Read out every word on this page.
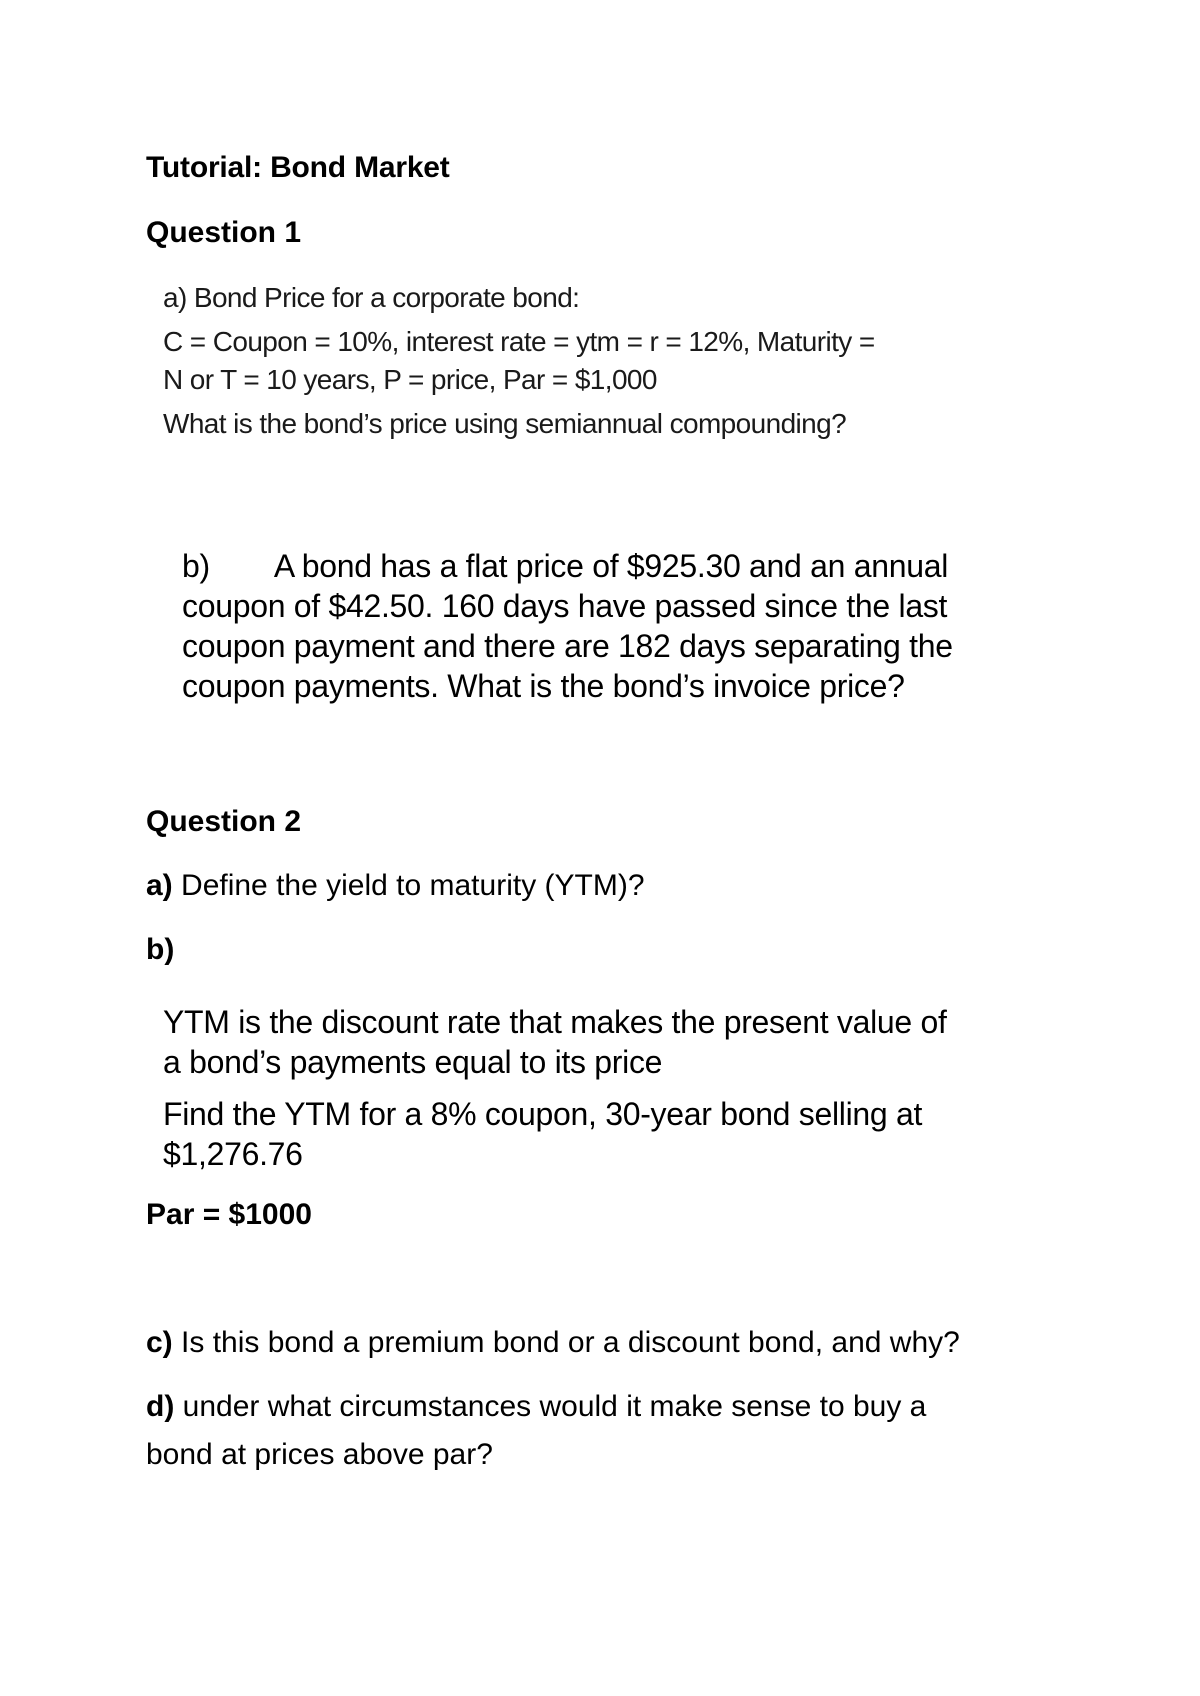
Tutorial: Bond Market
Question 1
a) Bond Price for a corporate bond:
C = Coupon = 10%, interest rate = ytm = r = 12%, Maturity =
N or T = 10 years, P = price, Par = $1,000
What is the bond’s price using semiannual compounding?
b) A bond has a flat price of $925.30 and an annual
coupon of $42.50. 160 days have passed since the last
coupon payment and there are 182 days separating the
coupon payments. What is the bond’s invoice price?
Question 2
a) Define the yield to maturity (YTM)?
b)
YTM is the discount rate that makes the present value of
a bond’s payments equal to its price
Find the YTM for a 8% coupon, 30-year bond selling at
$1,276.76
Par = $1000
c) Is this bond a premium bond or a discount bond, and why?
d) under what circumstances would it make sense to buy a
bond at prices above par?
